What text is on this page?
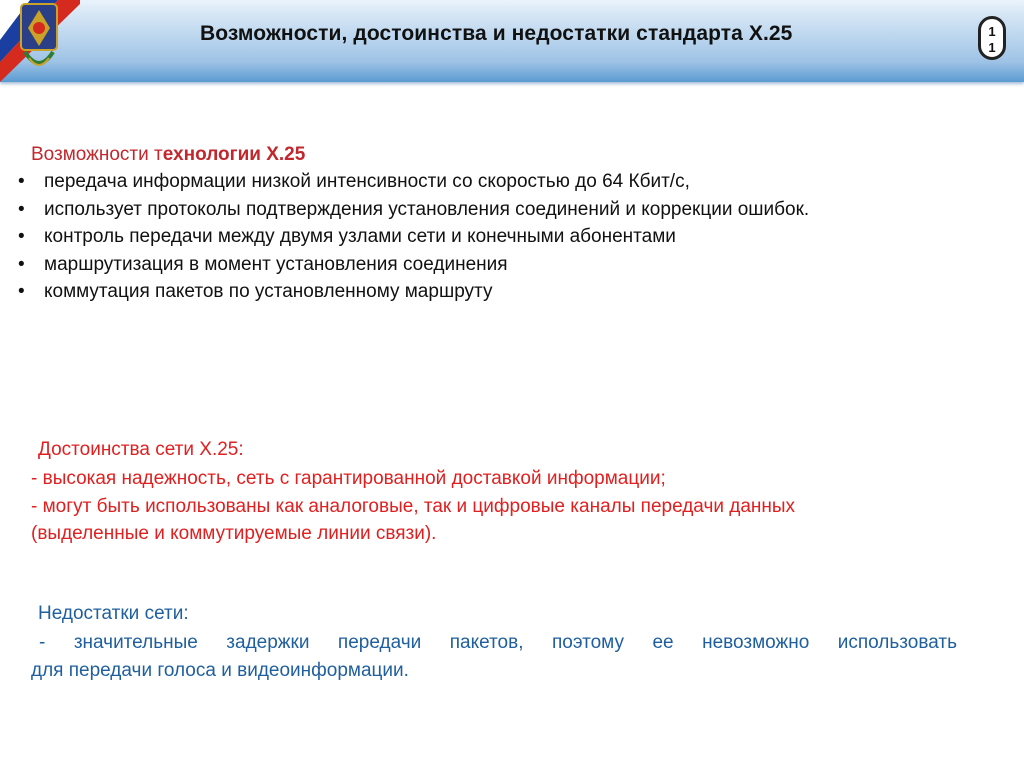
Возможности, достоинства и недостатки стандарта Х.25	1
1
Возможности технологии Х.25
• передача информации низкой интенсивности со скоростью до 64 Кбит/с,
• использует протоколы подтверждения установления соединений и коррекции ошибок.
• контроль передачи между двумя узлами сети и конечными абонентами
• маршрутизация в момент установления соединения
• коммутация пакетов по установленному маршруту
Достоинства сети Х.25:
- высокая надежность, сеть с гарантированной доставкой информации;
- могут быть использованы как аналоговые, так и цифровые каналы передачи данных
(выделенные и коммутируемые линии связи).
Недостатки сети:
- значительные задержки передачи пакетов, поэтому ее невозможно использовать
для передачи голоса и видеоинформации.
